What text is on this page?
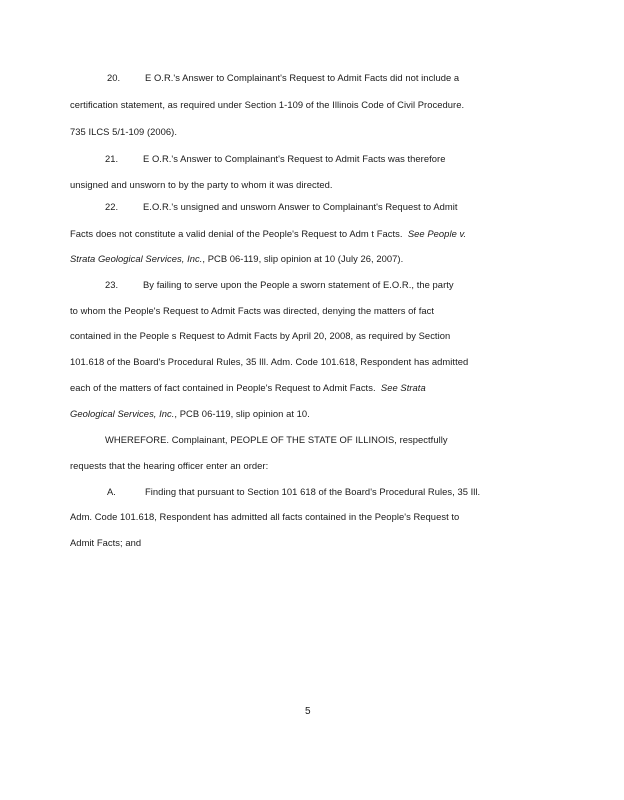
20.	E O.R.'s Answer to Complainant's Request to Admit Facts did not include a
certification statement, as required under Section 1-109 of the Illinois Code of Civil Procedure.
735 ILCS 5/1-109 (2006).
21.	E O.R.'s Answer to Complainant's Request to Admit Facts was therefore
unsigned and unsworn to by the party to whom it was directed.
22.	E.O.R.'s unsigned and unsworn Answer to Complainant's Request to Admit
Facts does not constitute a valid denial of the People's Request to Adm t Facts. See People v.
Strata Geological Services, Inc., PCB 06-119, slip opinion at 10 (July 26, 2007).
23.	By failing to serve upon the People a sworn statement of E.O.R., the party
to whom the People's Request to Admit Facts was directed, denying the matters of fact
contained in the People s Request to Admit Facts by April 20, 2008, as required by Section
101.618 of the Board's Procedural Rules, 35 Ill. Adm. Code 101.618, Respondent has admitted
each of the matters of fact contained in People's Request to Admit Facts. See Strata
Geological Services, Inc., PCB 06-119, slip opinion at 10.
WHEREFORE. Complainant, PEOPLE OF THE STATE OF ILLINOIS, respectfully
requests that the hearing officer enter an order:
A.	Finding that pursuant to Section 101 618 of the Board's Procedural Rules, 35 Ill.
Adm. Code 101.618, Respondent has admitted all facts contained in the People's Request to
Admit Facts; and
5
